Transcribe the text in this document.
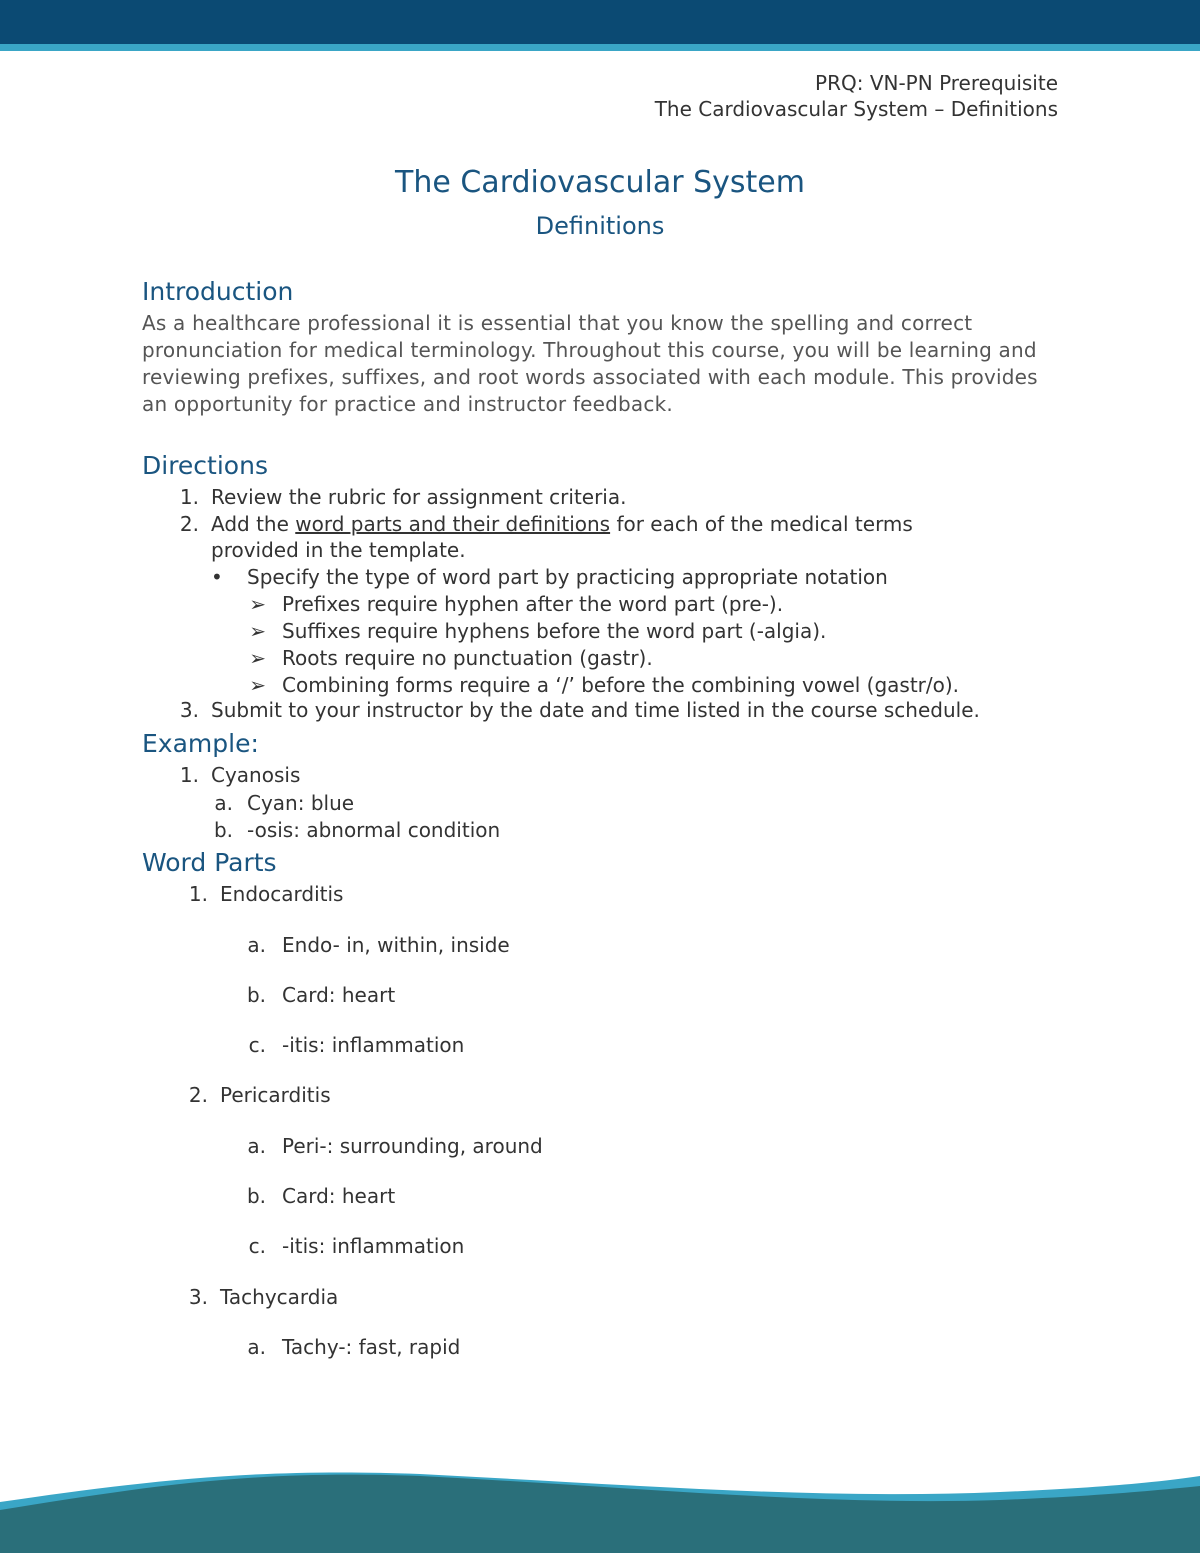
PRQ: VN-PN Prerequisite
The Cardiovascular System – Definitions
The Cardiovascular System
Definitions
Introduction
As a healthcare professional it is essential that you know the spelling and correct pronunciation for medical terminology. Throughout this course, you will be learning and reviewing prefixes, suffixes, and root words associated with each module. This provides an opportunity for practice and instructor feedback.
Directions
1. Review the rubric for assignment criteria.
2. Add the word parts and their definitions for each of the medical terms
provided in the template.
• Specify the type of word part by practicing appropriate notation
➢ Prefixes require hyphen after the word part (pre-).
➢ Suffixes require hyphens before the word part (-algia).
➢ Roots require no punctuation (gastr).
➢ Combining forms require a ‘/’ before the combining vowel (gastr/o).
3. Submit to your instructor by the date and time listed in the course schedule.
Example:
1. Cyanosis
a. Cyan: blue
b. -osis: abnormal condition
Word Parts
1. Endocarditis
a. Endo- in, within, inside
b. Card: heart
c. -itis: inflammation
2. Pericarditis
a. Peri-: surrounding, around
b. Card: heart
c. -itis: inflammation
3. Tachycardia
a. Tachy-: fast, rapid
